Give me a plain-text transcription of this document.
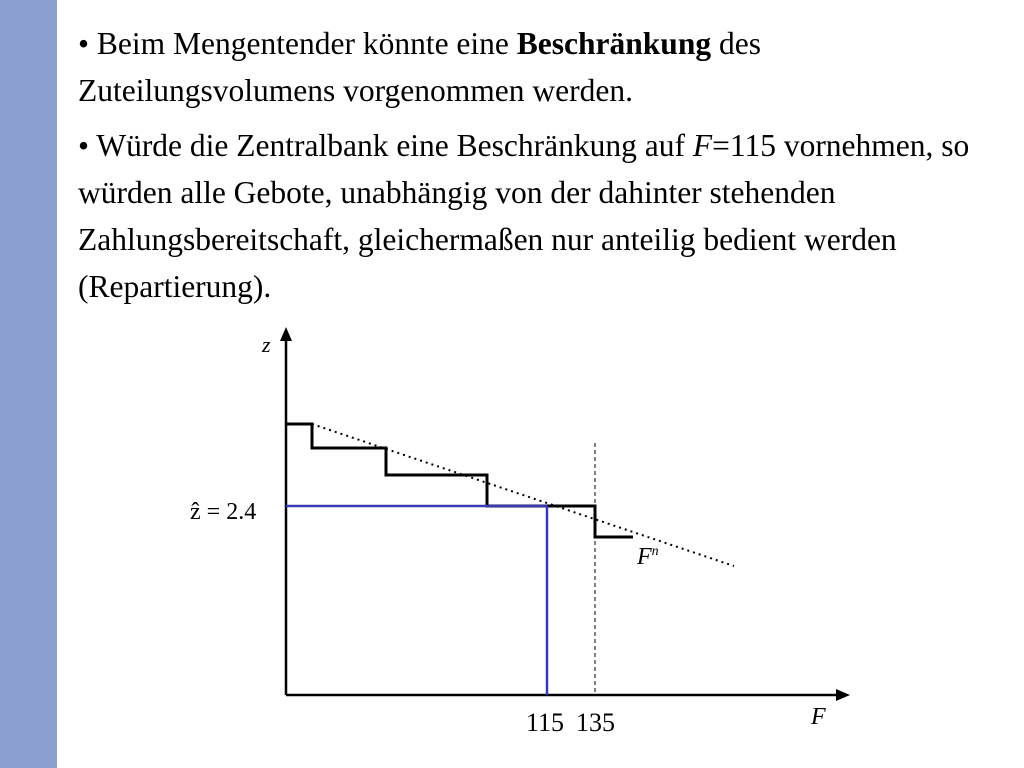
• Beim Mengentender könnte eine Beschränkung des Zuteilungsvolumens vorgenommen werden.

• Würde die Zentralbank eine Beschränkung auf F=115 vornehmen, so würden alle Gebote, unabhängig von der dahinter stehenden Zahlungsbereitschaft, gleichermaßen nur anteilig bedient werden (Repartierung).

z
F
ẑ = 2.4
$F^n$
115 135
